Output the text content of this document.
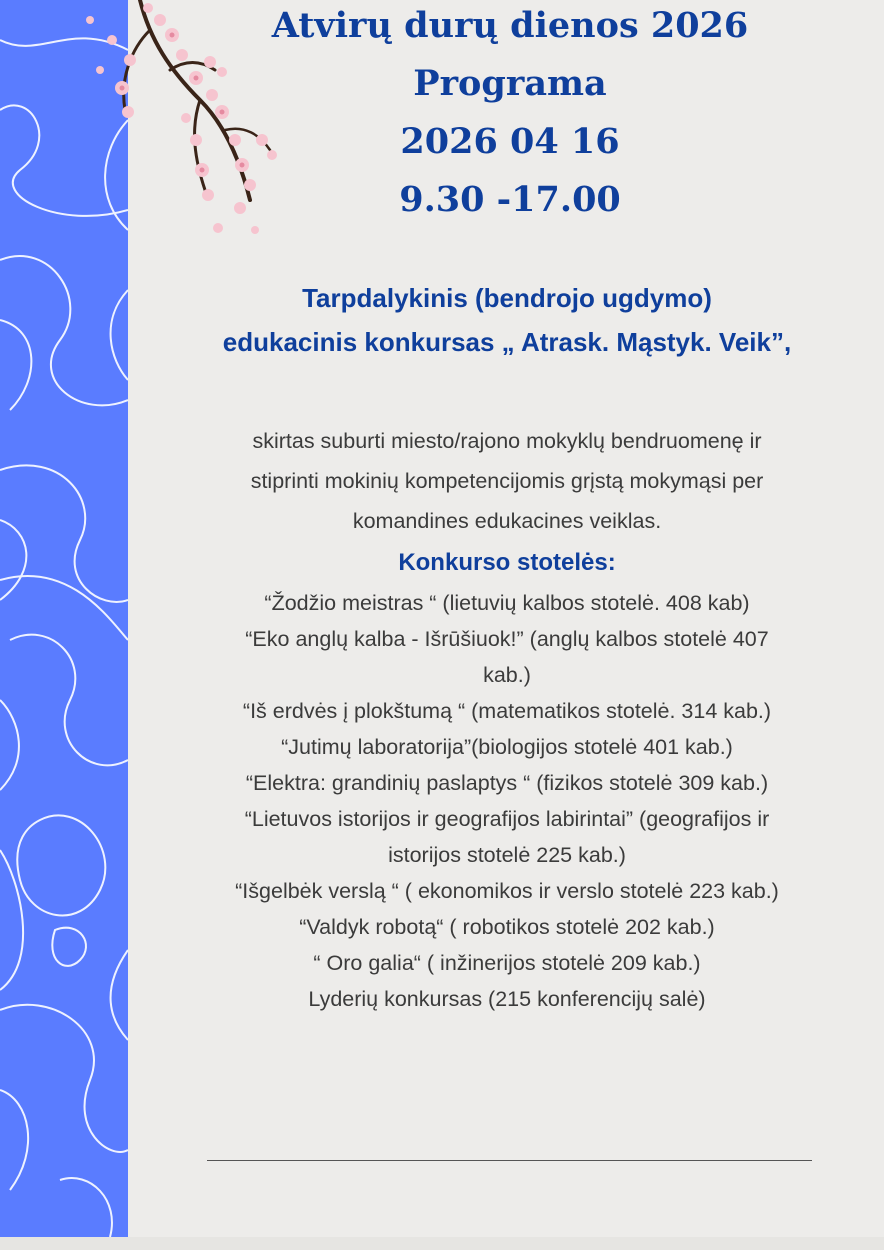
Atvirų durų dienos 2026
Programa
2026 04 16
9.30 -17.00
Tarpdalykinis (bendrojo ugdymo)
edukacinis konkursas „ Atrask. Mąstyk. Veik”,
skirtas suburti miesto/rajono mokyklų bendruomenę ir
stiprinti mokinių kompetencijomis grįstą mokymąsi per
komandines edukacines veiklas.
Konkurso stotelės:
“Žodžio meistras “ (lietuvių kalbos stotelė. 408 kab)
“Eko anglų kalba - Išrūšiuok!” (anglų kalbos stotelė 407
kab.)
“Iš erdvės į plokštumą “ (matematikos stotelė. 314 kab.)
“Jutimų laboratorija”(biologijos stotelė 401 kab.)
“Elektra: grandinių paslaptys “ (fizikos stotelė 309 kab.)
“Lietuvos istorijos ir geografijos labirintai” (geografijos ir
istorijos stotelė 225 kab.)
“Išgelbėk verslą “ ( ekonomikos ir verslo stotelė 223 kab.)
“Valdyk robotą“ ( robotikos stotelė 202 kab.)
“ Oro galia“ ( inžinerijos stotelė 209 kab.)
Lyderių konkursas (215 konferencijų salė)
